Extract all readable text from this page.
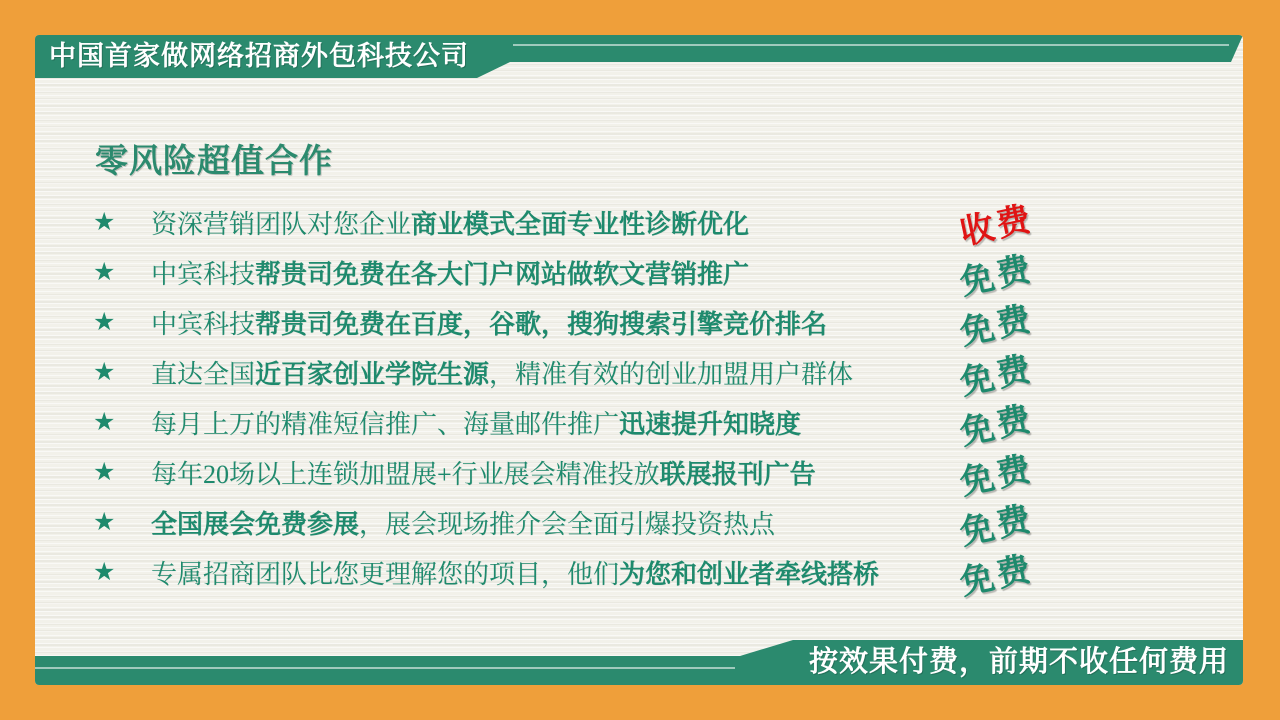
中国首家做网络招商外包科技公司
零风险超值合作
★ 资深营销团队对您企业商业模式全面专业性诊断优化	收费
★ 中宾科技帮贵司免费在各大门户网站做软文营销推广	免费
★ 中宾科技帮贵司免费在百度，谷歌，搜狗搜索引擎竞价排名	免费
★ 直达全国近百家创业学院生源，精准有效的创业加盟用户群体	免费
★ 每月上万的精准短信推广、海量邮件推广迅速提升知晓度	免费
★ 每年20场以上连锁加盟展+行业展会精准投放联展报刊广告	免费
★ 全国展会免费参展，展会现场推介会全面引爆投资热点	免费
★ 专属招商团队比您更理解您的项目，他们为您和创业者牵线搭桥	免费
按效果付费，前期不收任何费用
